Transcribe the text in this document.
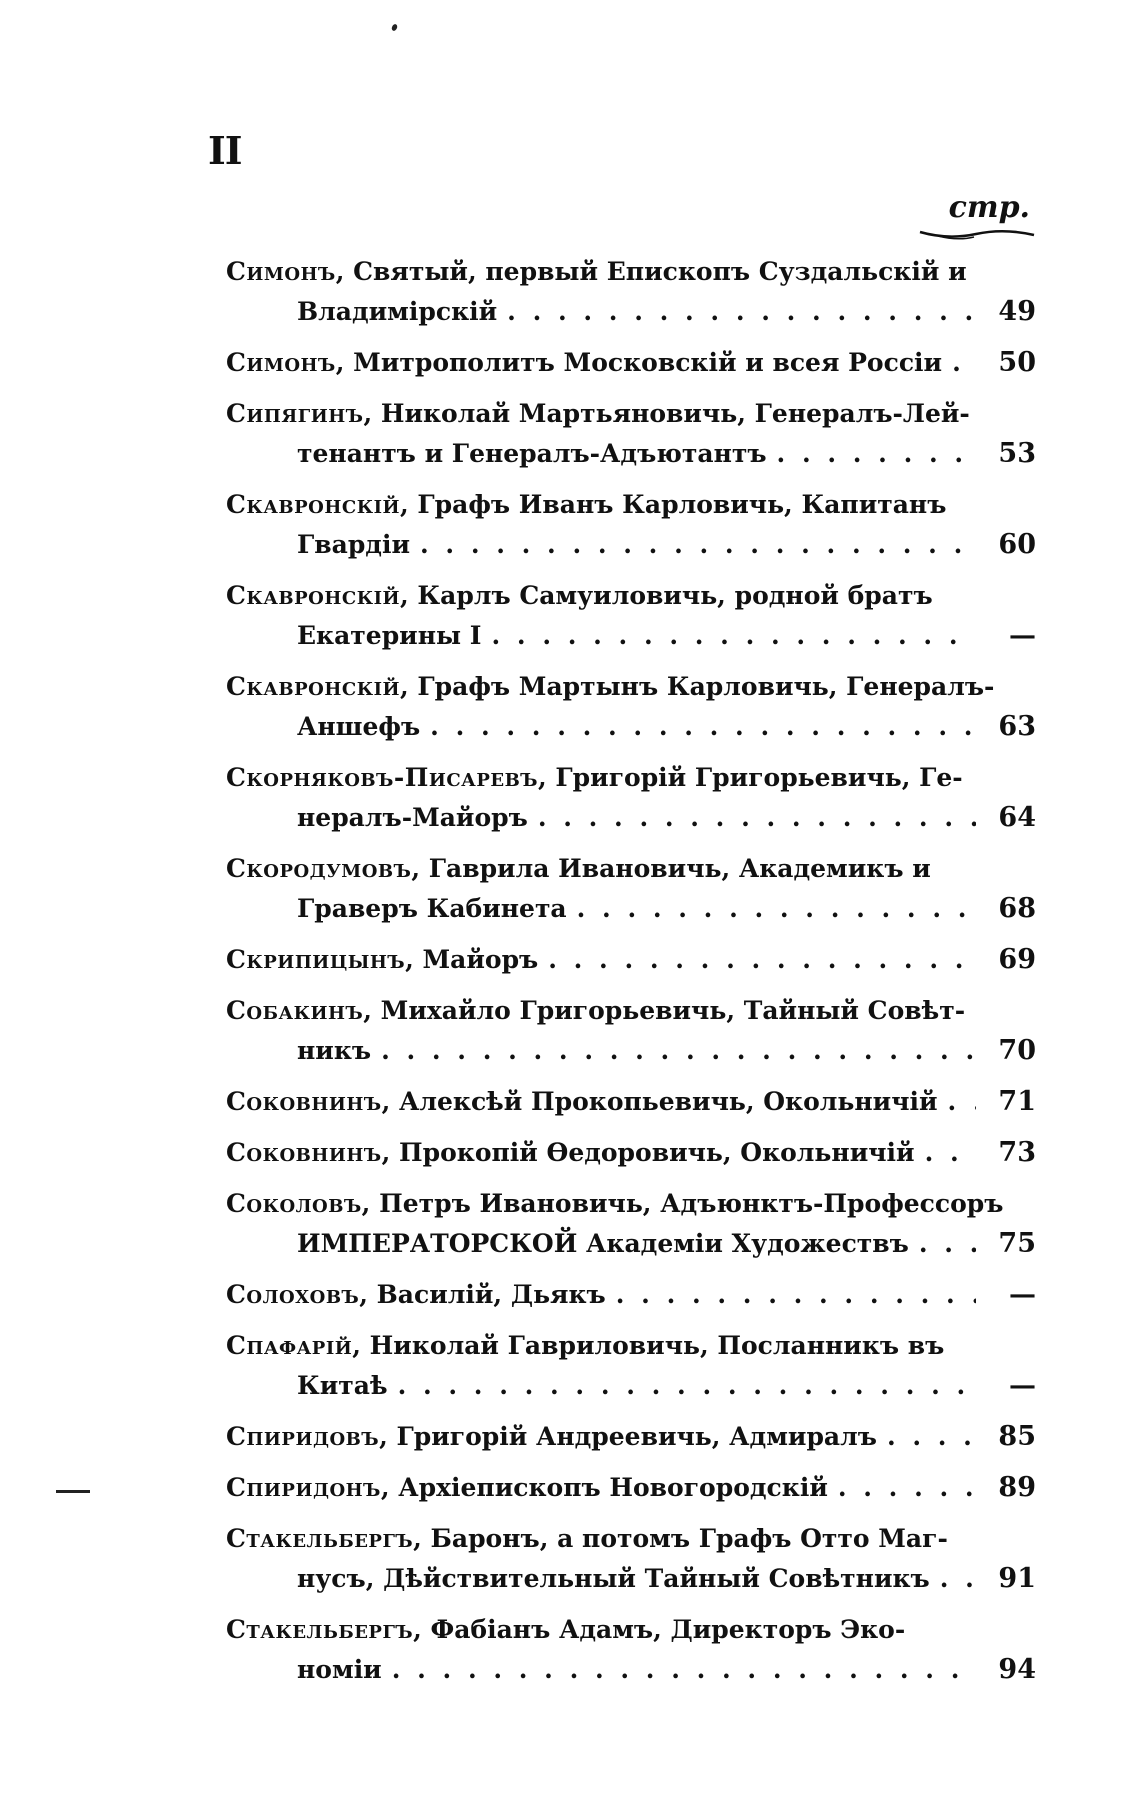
II
стр.
Симонъ , Святый, первый Епископъ Суздальскій и
Владимірскій . . .	49
Симонъ , Митрополитъ Московскій и всея Россіи . . .	50
Сипягинъ , Николай Мартьяновичь, Генералъ-Лей-
тенантъ и Генералъ-Адъютантъ . . .	53
Скавронскій , Графъ Иванъ Карловичь, Капитанъ
Гвардіи . . .	60
Скавронскій , Карлъ Самуиловичь, родной братъ
Екатерины I . . .	—
Скавронскій , Графъ Мартынъ Карловичь, Генералъ-
Аншефъ . . .	63
Скорняковъ-Писаревъ , Григорій Григорьевичь, Ге-
нералъ-Майоръ . . .	64
Скородумовъ , Гаврила Ивановичь, Академикъ и
Граверъ Кабинета . . .	68
Скрипицынъ , Майоръ . . .	69
Собакинъ , Михайло Григорьевичь, Тайный Совѣт-
никъ . . .	70
Соковнинъ , Алексѣй Прокопьевичь, Окольничій . . .	71
Соковнинъ , Прокопій Ѳедоровичь, Окольничій . . .	73
Соколовъ , Петръ Ивановичь, Адъюнктъ-Профессоръ
ИМПЕРАТОРСКОЙ Академіи Художествъ . . .	75
Солоховъ , Василій, Дьякъ . . .	—
Спафарій , Николай Гавриловичь, Посланникъ въ
Китаѣ . . .	—
Спиридовъ , Григорій Андреевичь, Адмиралъ . . .	85
Спиридонъ , Архіепископъ Новогородскій . . .	89
Стакельбергъ , Баронъ, а потомъ Графъ Отто Маг-
нусъ, Дѣйствительный Тайный Совѣтникъ . . .	91
Стакельбергъ , Фабіанъ Адамъ, Директоръ Эко-
номіи . . .	94
